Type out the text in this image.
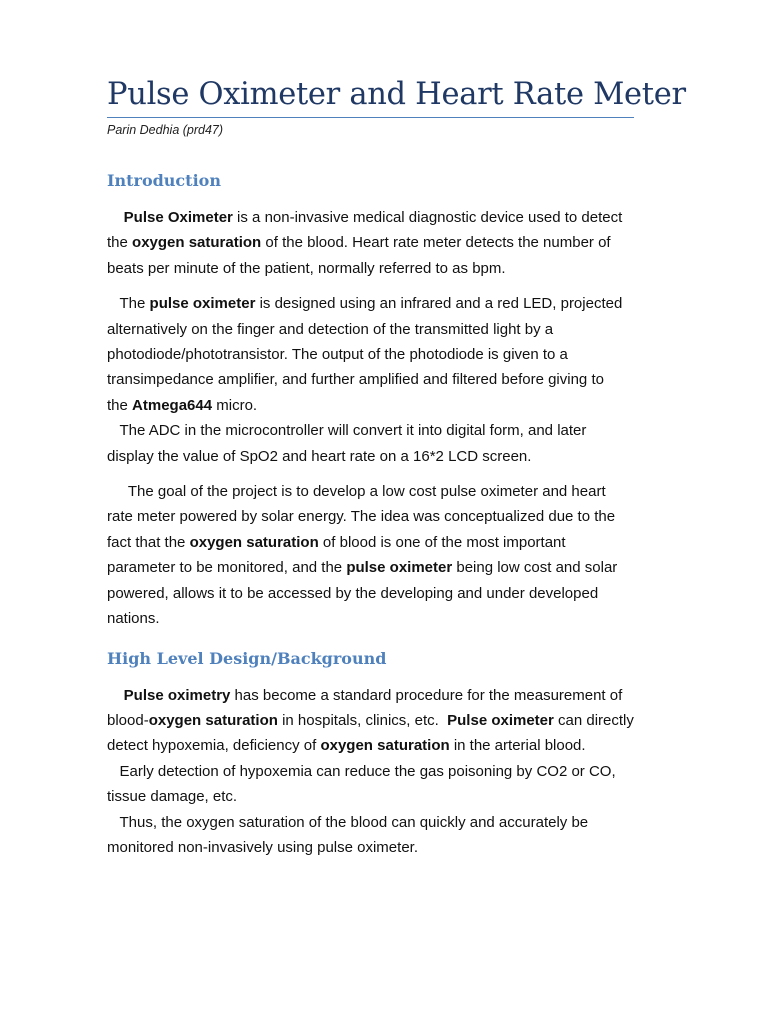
Pulse Oximeter and Heart Rate Meter
Parin Dedhia (prd47)
Introduction

Pulse Oximeter is a non-invasive medical diagnostic device used to detect

the oxygen saturation of the blood. Heart rate meter detects the number of

beats per minute of the patient, normally referred to as bpm.

The pulse oximeter is designed using an infrared and a red LED, projected

alternatively on the finger and detection of the transmitted light by a

photodiode/phototransistor. The output of the photodiode is given to a

transimpedance amplifier, and further amplified and filtered before giving to

the Atmega644 micro.

The ADC in the microcontroller will convert it into digital form, and later

display the value of SpO2 and heart rate on a 16*2 LCD screen.

The goal of the project is to develop a low cost pulse oximeter and heart

rate meter powered by solar energy. The idea was conceptualized due to the

fact that the oxygen saturation of blood is one of the most important

parameter to be monitored, and the pulse oximeter being low cost and solar

powered, allows it to be accessed by the developing and under developed

nations.

High Level Design/Background

Pulse oximetry has become a standard procedure for the measurement of

blood-oxygen saturation in hospitals, clinics, etc.  Pulse oximeter can directly

detect hypoxemia, deficiency of oxygen saturation in the arterial blood.

Early detection of hypoxemia can reduce the gas poisoning by CO2 or CO,

tissue damage, etc.

Thus, the oxygen saturation of the blood can quickly and accurately be

monitored non-invasively using pulse oximeter.
